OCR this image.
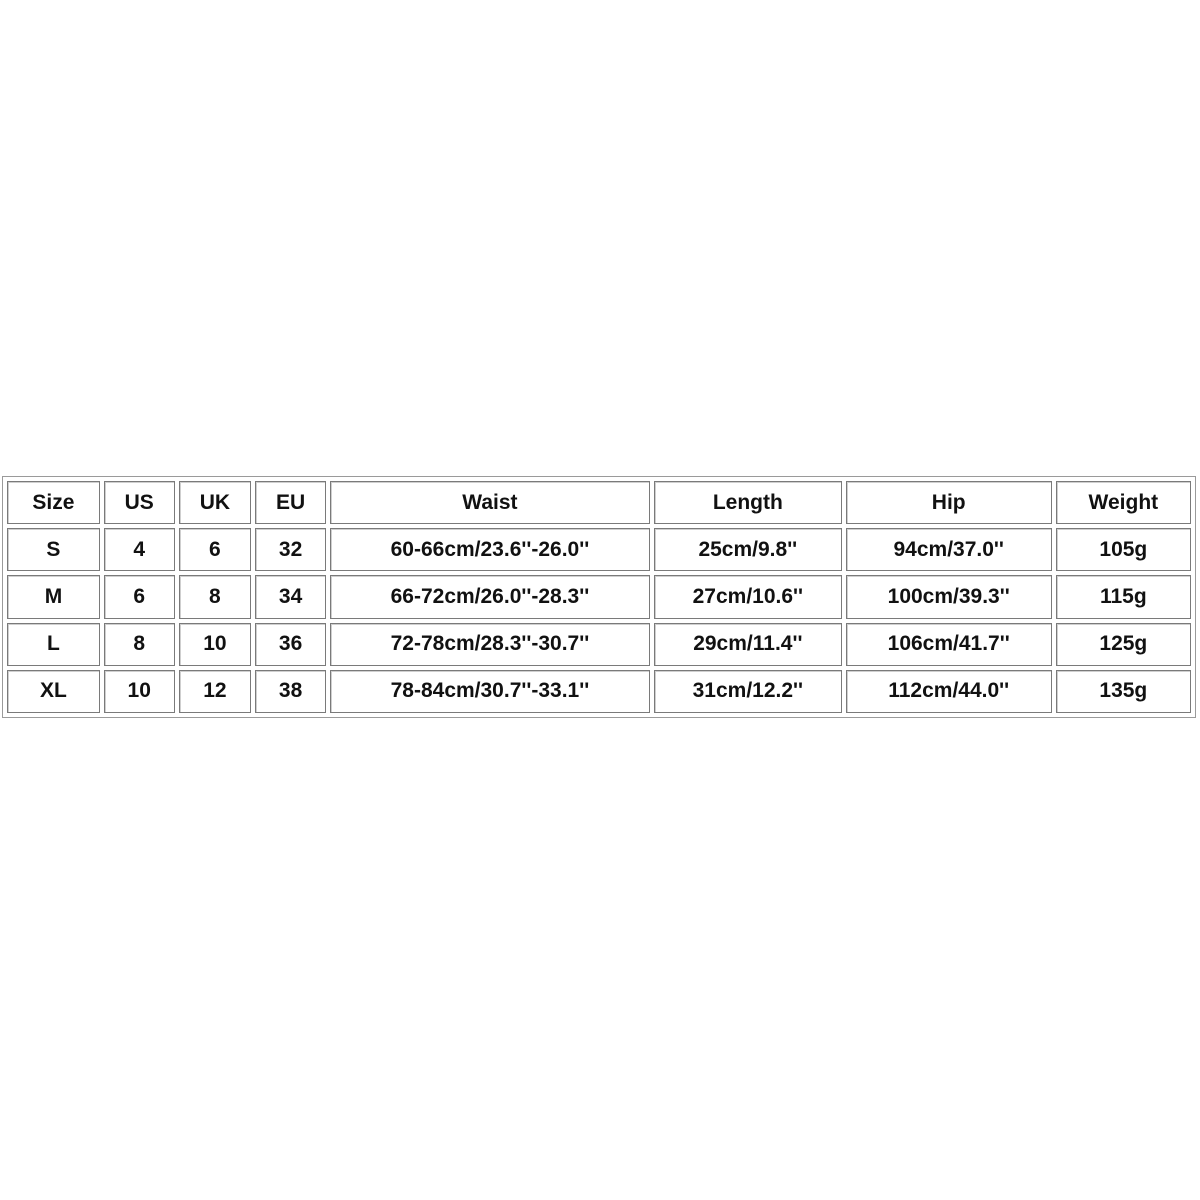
Size	US	UK	EU	Waist	Length	Hip	Weight
S	4	6	32	60-66cm/23.6''-26.0''	25cm/9.8''	94cm/37.0''	105g
M	6	8	34	66-72cm/26.0''-28.3''	27cm/10.6''	100cm/39.3''	115g
L	8	10	36	72-78cm/28.3''-30.7''	29cm/11.4''	106cm/41.7''	125g
XL	10	12	38	78-84cm/30.7''-33.1''	31cm/12.2''	112cm/44.0''	135g
